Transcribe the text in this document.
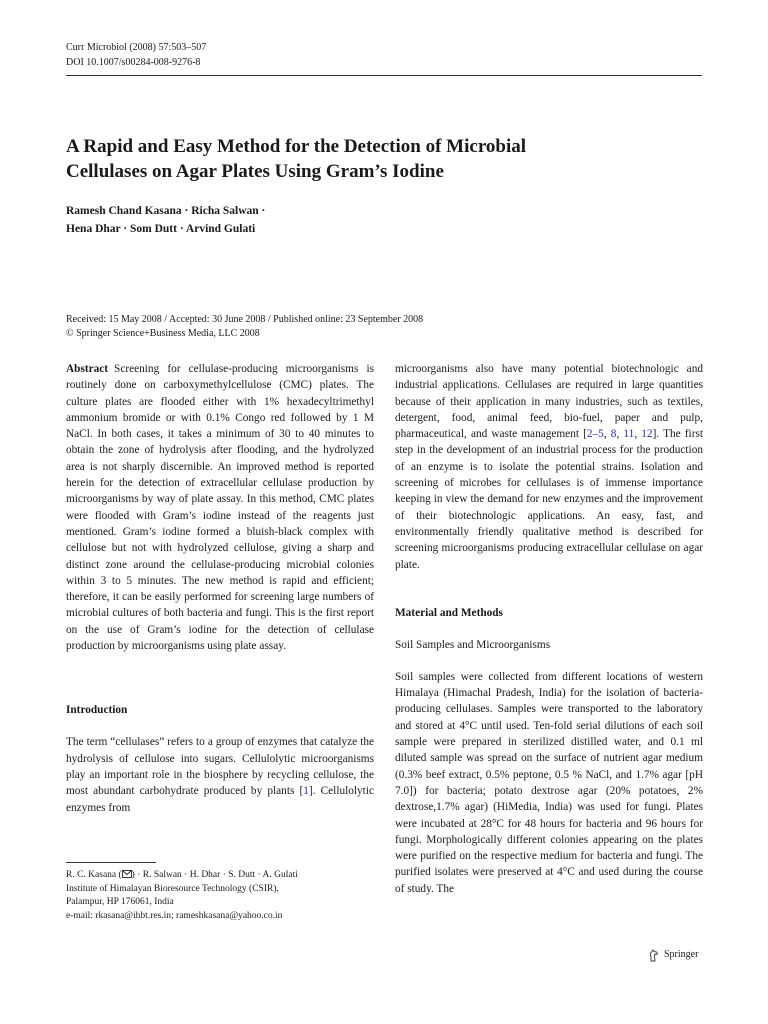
Curr Microbiol (2008) 57:503–507
DOI 10.1007/s00284-008-9276-8
A Rapid and Easy Method for the Detection of Microbial
Cellulases on Agar Plates Using Gram’s Iodine
Ramesh Chand Kasana · Richa Salwan ·
Hena Dhar · Som Dutt · Arvind Gulati
Received: 15 May 2008 / Accepted: 30 June 2008 / Published online: 23 September 2008
© Springer Science+Business Media, LLC 2008

Abstract Screening for cellulase-producing microorganisms is routinely done on carboxymethylcellulose (CMC) plates. The culture plates are flooded either with 1% hexadecyltrimethyl ammonium bromide or with 0.1% Congo red followed by 1 M NaCl. In both cases, it takes a minimum of 30 to 40 minutes to obtain the zone of hydrolysis after flooding, and the hydrolyzed area is not sharply discernible. An improved method is reported herein for the detection of extracellular cellulase production by microorganisms by way of plate assay. In this method, CMC plates were flooded with Gram’s iodine instead of the reagents just mentioned. Gram’s iodine formed a bluish-black complex with cellulose but not with hydrolyzed cellulose, giving a sharp and distinct zone around the cellulase-producing microbial colonies within 3 to 5 minutes. The new method is rapid and efficient; therefore, it can be easily performed for screening large numbers of microbial cultures of both bacteria and fungi. This is the first report on the use of Gram’s iodine for the detection of cellulase production by microorganisms using plate assay.

Introduction

The term “cellulases” refers to a group of enzymes that catalyze the hydrolysis of cellulose into sugars. Cellulolytic microorganisms play an important role in the biosphere by recycling cellulose, the most abundant carbohydrate produced by plants [1]. Cellulolytic enzymes from

microorganisms also have many potential biotechnologic and industrial applications. Cellulases are required in large quantities because of their application in many industries, such as textiles, detergent, food, animal feed, bio-fuel, paper and pulp, pharmaceutical, and waste management [2–5, 8, 11, 12]. The first step in the development of an industrial process for the production of an enzyme is to isolate the potential strains. Isolation and screening of microbes for cellulases is of immense importance keeping in view the demand for new enzymes and the improvement of their biotechnologic applications. An easy, fast, and environmentally friendly qualitative method is described for screening microorganisms producing extracellular cellulase on agar plate.

Material and Methods

Soil Samples and Microorganisms

Soil samples were collected from different locations of western Himalaya (Himachal Pradesh, India) for the isolation of bacteria-producing cellulases. Samples were transported to the laboratory and stored at 4°C until used. Ten-fold serial dilutions of each soil sample were prepared in sterilized distilled water, and 0.1 ml diluted sample was spread on the surface of nutrient agar medium (0.3% beef extract, 0.5% peptone, 0.5 % NaCl, and 1.7% agar [pH 7.0]) for bacteria; potato dextrose agar (20% potatoes, 2% dextrose,1.7% agar) (HiMedia, India) was used for fungi. Plates were incubated at 28°C for 48 hours for bacteria and 96 hours for fungi. Morphologically different colonies appearing on the plates were purified on the respective medium for bacteria and fungi. The purified isolates were preserved at 4°C and used during the course of study. The

R. C. Kasana ( ) · R. Salwan · H. Dhar · S. Dutt · A. Gulati
Institute of Himalayan Bioresource Technology (CSIR),
Palampur, HP 176061, India
e-mail: rkasana@ihbt.res.in; rameshkasana@yahoo.co.in
Springer
